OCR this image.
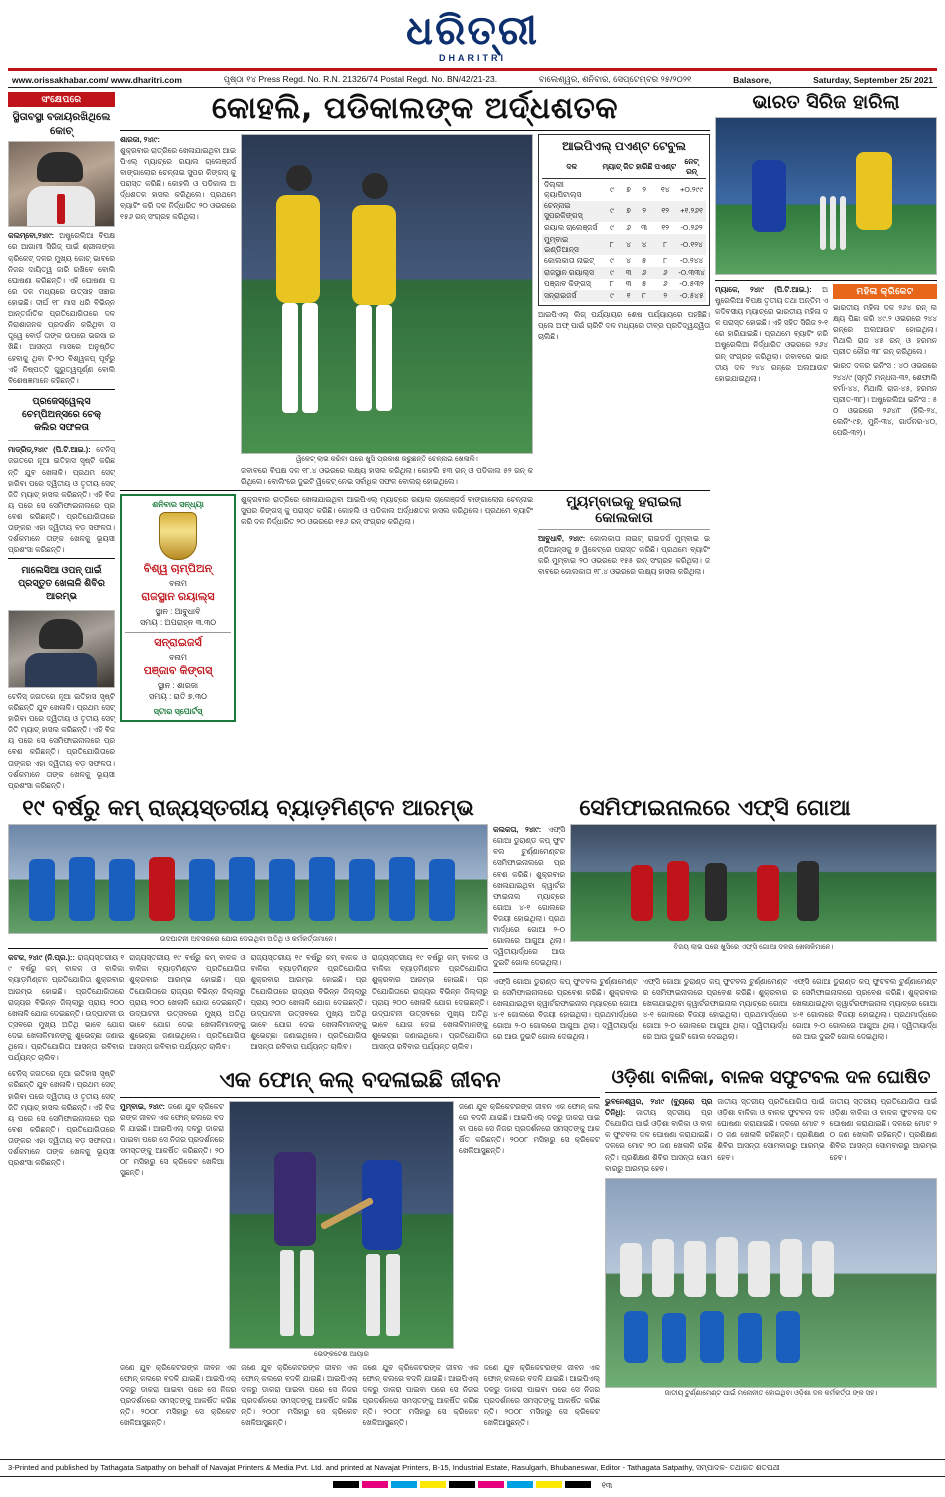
ଧରିତ୍ରୀ
DHARITRI
www.orissakhabar.com/ www.dharitri.com	ପୃଷ୍ଠା ୧୪ Press Regd. No. R.N. 21326/74 Postal Regd. No. BN/42/21-23.	ବାଲେଶ୍ୱର, ଶନିବାର, ସେପ୍ଟେମ୍ବର ୨୫/୨୦୨୧	Balasore,	Saturday, September 25/ 2021
ସଂକ୍ଷେପରେ
ସ୍ଥିତାବସ୍ଥା ବଜାୟରଖିଥିଲେ କୋଚ୍
କଲମ୍ବୋ,୨୪ା୯: ଅଷ୍ଟ୍ରେଲିଆ ବିପକ୍ଷରେ ଆଗାମୀ ସିରିଜ୍ ପାଇଁ ଶ୍ରୀଲଙ୍କା କ୍ରିକେଟ୍ ଦଳର ମୁଖ୍ୟ କୋଚ୍ ଭାବରେ ନିଜର ଦାୟିତ୍ୱ ଜାରି ରଖିବେ ବୋଲି ଘୋଷଣା କରିଛନ୍ତି। ଏହି ଘୋଷଣା ପରେ ଦଳ ମଧ୍ୟରେ ଉତ୍ସାହ ସଞ୍ଚାର ହୋଇଛି। ଦୀର୍ଘ ୧୮ ମାସ ଧରି ବିଭିନ୍ନ ଆନ୍ତର୍ଜାତିକ ପ୍ରତିଯୋଗିତାରେ ଦଳ ନିରାଶାଜନକ ପ୍ରଦର୍ଶନ କରିଥିବା ସତ୍ତ୍ୱେ ବୋର୍ଡ଼ ତାଙ୍କ ଉପରେ ଭରସା ରଖିଛି। ଆସନ୍ତା ମାସରେ ଅନୁଷ୍ଠିତ ହେବାକୁ ଥିବା ଟି-୨୦ ବିଶ୍ୱକପ୍ ପୂର୍ବରୁ ଏହି ନିଷ୍ପତ୍ତି ଗୁରୁତ୍ୱପୂର୍ଣ୍ଣ ବୋଲି ବିଶେଷଜ୍ଞମାନେ କହିଛନ୍ତି।
ପ୍ରଜେସ୍ୱେଲ୍ସ ଚେମ୍ପିଅନ୍ସରେ ଚେକ୍ କଲିର ସଫଳତା
ମାଡ୍ରିଡ୍,୨୪ା୯ (ପି.ଟି.ଆଇ.): ଟେନିସ୍ ଜଗତରେ ନୂଆ ଇତିହାସ ସୃଷ୍ଟି କରିଛନ୍ତି ଯୁବ ଖେଳାଳି। ପ୍ରଥମ ସେଟ୍ ହାରିବା ପରେ ଦ୍ୱିତୀୟ ଓ ତୃତୀୟ ସେଟ୍ ଜିତି ମ୍ୟାଚ୍ ହାସଲ କରିଛନ୍ତି। ଏହି ବିଜୟ ପରେ ସେ ସେମିଫାଇନାଲରେ ପ୍ରବେଶ କରିଛନ୍ତି। ପ୍ରତିଯୋଗିତାରେ ତାଙ୍କର ଏହା ଦ୍ୱିତୀୟ ବଡ଼ ସଫଳତା। ଦର୍ଶକମାନେ ତାଙ୍କ ଖେଳକୁ ଭୂୟସୀ ପ୍ରଶଂସା କରିଛନ୍ତି।
ମାଲେସିଆ ଓପନ୍ ପାଇଁ ପ୍ରସ୍ତୁତ ଖେଳାଳି ଶିବିର ଆରମ୍ଭ
ଟେନିସ୍ ଜଗତରେ ନୂଆ ଇତିହାସ ସୃଷ୍ଟି କରିଛନ୍ତି ଯୁବ ଖେଳାଳି। ପ୍ରଥମ ସେଟ୍ ହାରିବା ପରେ ଦ୍ୱିତୀୟ ଓ ତୃତୀୟ ସେଟ୍ ଜିତି ମ୍ୟାଚ୍ ହାସଲ କରିଛନ୍ତି। ଏହି ବିଜୟ ପରେ ସେ ସେମିଫାଇନାଲରେ ପ୍ରବେଶ କରିଛନ୍ତି। ପ୍ରତିଯୋଗିତାରେ ତାଙ୍କର ଏହା ଦ୍ୱିତୀୟ ବଡ଼ ସଫଳତା। ଦର୍ଶକମାନେ ତାଙ୍କ ଖେଳକୁ ଭୂୟସୀ ପ୍ରଶଂସା କରିଛନ୍ତି।
କୋହଲି, ପଡିକାଲଙ୍କ ଅର୍ଦ୍ଧଶତକ
ଶାରଜା, ୨୪ା୯:
ଶୁକ୍ରବାର ରାତ୍ରିରେ ଖେଳାଯାଇଥିବା ଆଇପିଏଲ୍ ମ୍ୟାଚ୍‌ରେ ରୟାଲ ଚାଲେଞ୍ଜର୍ସ ବାଙ୍ଗାଲୋର ଚେନ୍ନାଇ ସୁପର କିଙ୍ଗସ୍‌ କୁ ପରାସ୍ତ କରିଛି। କୋହଲି ଓ ପଡିକାଲ ଅର୍ଦ୍ଧଶତକ ହାସଲ କରିଥିଲେ। ପ୍ରଥମେ ବ୍ୟାଟିଂ କରି ଦଳ ନିର୍ଦ୍ଧାରିତ ୨୦ ଓଭରରେ ୧୫୬ ରନ୍ ସଂଗ୍ରହ କରିଥିଲା।
ୱିକେଟ୍ ଲାଭ କରିବା ପରେ ଖୁସି ପ୍ରକାଶ କରୁଛନ୍ତି ଚେନ୍ନାଇ ଖେଳାଳି।
ଜବାବରେ ବିପକ୍ଷ ଦଳ ୧୮.୪ ଓଭରରେ ଲକ୍ଷ୍ୟ ହାସଲ କରିଥିଲା। କୋହଲି ୫୩ ରନ୍ ଓ ପଡିକାଲ ୫୨ ରନ୍ କରିଥିଲେ। ବୋଲିଂରେ ଦୁଇଟି ୱିକେଟ୍ ନେଇ ସର୍ବାଧିକ ସଫଳ ବୋଲର୍ ହୋଇଥିଲେ।
ଆଇପିଏଲ୍ ପଏଣ୍ଟ ଟେବୁଲ
ଦଳ	ମ୍ୟାଚ୍	ଜିତ	ହାରିଛି	ପଏଣ୍ଟ	ନେଟ୍ ରନ୍
ଦିଲ୍ଲୀ କ୍ୟାପିଟାଲ୍ସ	୯	୭	୨	୧୪	+୦.୨୯୯
ଚେନ୍ନାଇ ସୁପରକିଙ୍ଗସ୍	୯	୭	୨	୧୨	+୧.୨୬୧
ରୟାଲ ଚାଲେଞ୍ଜର୍ସ	୯	୬	୩	୧୨	-୦.୨୬୨
ମୁମ୍ବାଇ ଇଣ୍ଡିଆନ୍ସ	୮	୪	୪	୮	-୦.୧୨୪
କୋଲକାତା ନାଇଟ୍	୯	୪	୫	୮	-୦.୨୪୪
ରାଜସ୍ଥାନ ରୟାଲ୍ସ	୯	୩	୬	୬	-୦.୩୩୪
ପଞ୍ଜାବ କିଙ୍ଗସ୍	୮	୩	୫	୬	-୦.୫୩୨
ସନ୍‌ରାଇଜର୍ସ	୯	୧	୮	୨	-୦.୫୪୫
ଆଇପିଏଲ୍ ଲିଗ୍ ପର୍ଯ୍ୟାୟର ଶେଷ ପର୍ଯ୍ୟାୟରେ ପହଞ୍ଚିଛି। ପ୍ଲେ ଅଫ୍ ପାଇଁ ଚାରିଟି ଦଳ ମଧ୍ୟରେ ତୀବ୍ର ପ୍ରତିଦ୍ୱନ୍ଦ୍ୱିତା ଚାଲିଛି।
ଶନିବାର ସନ୍ଧ୍ୟା
ବିଶ୍ୱ ଚାମ୍ପିଅନ୍
ବନାମ
ରାଜସ୍ଥାନ ରୟାଲ୍ସ
ସ୍ଥାନ : ଆବୁଧାବି
ସମୟ : ଅପରାହ୍ନ ୩.୩୦
ସନ୍‌ରାଇଜର୍ସ
ବନାମ
ପଞ୍ଜାବ କିଙ୍ଗସ୍
ସ୍ଥାନ : ଶାରଜା
ସମୟ : ରାତି ୭.୩୦
ସ୍ଟାର ସ୍ପୋର୍ଟସ୍
ଶୁକ୍ରବାର ରାତ୍ରିରେ ଖେଳାଯାଇଥିବା ଆଇପିଏଲ୍ ମ୍ୟାଚ୍‌ରେ ରୟାଲ ଚାଲେଞ୍ଜର୍ସ ବାଙ୍ଗାଲୋର ଚେନ୍ନାଇ ସୁପର କିଙ୍ଗସ୍‌ କୁ ପରାସ୍ତ କରିଛି। କୋହଲି ଓ ପଡିକାଲ ଅର୍ଦ୍ଧଶତକ ହାସଲ କରିଥିଲେ। ପ୍ରଥମେ ବ୍ୟାଟିଂ କରି ଦଳ ନିର୍ଦ୍ଧାରିତ ୨୦ ଓଭରରେ ୧୫୬ ରନ୍ ସଂଗ୍ରହ କରିଥିଲା।
ମ୍ୟୁମ୍ବାଇକୁ ହରାଇଲା କୋଲକାତା
ଆବୁଧାବି, ୨୪ା୯: କୋଲକାତା ନାଇଟ୍ ରାଇଡର୍ସ ମୁମ୍ବାଇ ଇଣ୍ଡିଆନ୍ସକୁ ୭ ୱିକେଟ୍‌ରେ ପରାସ୍ତ କରିଛି। ପ୍ରଥମେ ବ୍ୟାଟିଂ କରି ମୁମ୍ବାଇ ୨୦ ଓଭରରେ ୧୫୫ ରନ୍ ସଂଗ୍ରହ କରିଥିଲା। ଜବାବରେ କୋଲକାତା ୧୮.୪ ଓଭରରେ ଲକ୍ଷ୍ୟ ହାସଲ କରିଥିଲା।
ଭାରତ ସିରିଜ ହାରିଲା
ମ୍ୟାକେ, ୨୪ା୯ (ପି.ଟି.ଆଇ.): ଅଷ୍ଟ୍ରେଲିଆ ବିପକ୍ଷ ତୃତୀୟ ତଥା ଅନ୍ତିମ ଏକଦିବସୀୟ ମ୍ୟାଚ୍‌ରେ ଭାରତୀୟ ମହିଳା ଦଳ ପରାସ୍ତ ହୋଇଛି। ଏହି ସହିତ ସିରିଜ ୨-୧ ରେ ହାରିଯାଇଛି। ପ୍ରଥମେ ବ୍ୟାଟିଂ କରି ଅଷ୍ଟ୍ରେଲିଆ ନିର୍ଦ୍ଧାରିତ ଓଭରରେ ୨୬୪ ରନ୍ ସଂଗ୍ରହ କରିଥିଲା। ଜବାବରେ ଭାରତୀୟ ଦଳ ୨୪୪ ରନ୍‌ରେ ଅଲଆଉଟ ହୋଇଯାଇଥିଲା।
ମହିଳା କ୍ରିକେଟ
ଭାରତୀୟ ମହିଳା ଦଳ ୨୬୪ ରନ୍ ଲକ୍ଷ୍ୟ ପିଛା କରି ୪୯.୨ ଓଭରରେ ୨୪୪ ରନ୍‌ରେ ଅଲଆଉଟ ହୋଇଥିଲା। ମିଥାଲି ରାଜ ୪୫ ରନ୍ ଓ ହରମନପ୍ରୀତ କୌର ୩୮ ରନ୍ କରିଥିଲେ।
ଭାରତ ଦଳର ଇନିଂସ : ୪୦ ଓଭରରେ ୨୪୪/୯ (ସ୍ମୃତି ମନ୍ଧନା-୩୨, ଶେଫାଲି ବର୍ମା-୪୪, ମିଥାଲି ରାଜ-୪୫, ହରମନପ୍ରୀତ-୩୮)। ଅଷ୍ଟ୍ରେଲିଆ ଇନିଂସ : ୫୦ ଓଭରରେ ୨୬୪/୮ (ହିଲି-୨୪, ଲେନିଂ-୯୭, ମୁନି-୩୪, ଗାର୍ଡନର-୪୦, ପେରି-୩୨)।
୧୯ ବର୍ଷରୁ କମ୍ ରାଜ୍ୟସ୍ତରୀୟ ବ୍ୟାଡ଼ମିଣ୍ଟନ ଆରମ୍ଭ
ଉଦଘାଟନୀ ଅବସରରେ ଯୋଗ ଦେଇଥିବା ଅତିଥି ଓ କର୍ମକର୍ତ୍ତାମାନେ।
କଟକ, ୨୪ା୯ (ନି.ପ୍ର.):: ରାଜ୍ୟସ୍ତରୀୟ ୧୯ ବର୍ଷରୁ କମ୍ ବାଳକ ଓ ବାଳିକା ବ୍ୟାଡ଼ମିଣ୍ଟନ ପ୍ରତିଯୋଗିତା ଶୁକ୍ରବାର ଆରମ୍ଭ ହୋଇଛି। ପ୍ରତିଯୋଗିତାରେ ରାଜ୍ୟର ବିଭିନ୍ନ ଜିଲ୍ଲାରୁ ପ୍ରାୟ ୨୦୦ ଖେଳାଳି ଯୋଗ ଦେଇଛନ୍ତି। ଉଦ୍‌ଘାଟନୀ ଉତ୍ସବରେ ମୁଖ୍ୟ ଅତିଥି ଭାବେ ଯୋଗ ଦେଇ ଖେଳାଳିମାନଙ୍କୁ ଶୁଭେଚ୍ଛା ଜଣାଇଥିଲେ। ପ୍ରତିଯୋଗିତା ଆସନ୍ତା ରବିବାର ପର୍ଯ୍ୟନ୍ତ ଚାଲିବ।
ରାଜ୍ୟସ୍ତରୀୟ ୧୯ ବର୍ଷରୁ କମ୍ ବାଳକ ଓ ବାଳିକା ବ୍ୟାଡ଼ମିଣ୍ଟନ ପ୍ରତିଯୋଗିତା ଶୁକ୍ରବାର ଆରମ୍ଭ ହୋଇଛି। ପ୍ରତିଯୋଗିତାରେ ରାଜ୍ୟର ବିଭିନ୍ନ ଜିଲ୍ଲାରୁ ପ୍ରାୟ ୨୦୦ ଖେଳାଳି ଯୋଗ ଦେଇଛନ୍ତି। ଉଦ୍‌ଘାଟନୀ ଉତ୍ସବରେ ମୁଖ୍ୟ ଅତିଥି ଭାବେ ଯୋଗ ଦେଇ ଖେଳାଳିମାନଙ୍କୁ ଶୁଭେଚ୍ଛା ଜଣାଇଥିଲେ। ପ୍ରତିଯୋଗିତା ଆସନ୍ତା ରବିବାର ପର୍ଯ୍ୟନ୍ତ ଚାଲିବ।
ରାଜ୍ୟସ୍ତରୀୟ ୧୯ ବର୍ଷରୁ କମ୍ ବାଳକ ଓ ବାଳିକା ବ୍ୟାଡ଼ମିଣ୍ଟନ ପ୍ରତିଯୋଗିତା ଶୁକ୍ରବାର ଆରମ୍ଭ ହୋଇଛି। ପ୍ରତିଯୋଗିତାରେ ରାଜ୍ୟର ବିଭିନ୍ନ ଜିଲ୍ଲାରୁ ପ୍ରାୟ ୨୦୦ ଖେଳାଳି ଯୋଗ ଦେଇଛନ୍ତି। ଉଦ୍‌ଘାଟନୀ ଉତ୍ସବରେ ମୁଖ୍ୟ ଅତିଥି ଭାବେ ଯୋଗ ଦେଇ ଖେଳାଳିମାନଙ୍କୁ ଶୁଭେଚ୍ଛା ଜଣାଇଥିଲେ। ପ୍ରତିଯୋଗିତା ଆସନ୍ତା ରବିବାର ପର୍ଯ୍ୟନ୍ତ ଚାଲିବ।
ରାଜ୍ୟସ୍ତରୀୟ ୧୯ ବର୍ଷରୁ କମ୍ ବାଳକ ଓ ବାଳିକା ବ୍ୟାଡ଼ମିଣ୍ଟନ ପ୍ରତିଯୋଗିତା ଶୁକ୍ରବାର ଆରମ୍ଭ ହୋଇଛି। ପ୍ରତିଯୋଗିତାରେ ରାଜ୍ୟର ବିଭିନ୍ନ ଜିଲ୍ଲାରୁ ପ୍ରାୟ ୨୦୦ ଖେଳାଳି ଯୋଗ ଦେଇଛନ୍ତି। ଉଦ୍‌ଘାଟନୀ ଉତ୍ସବରେ ମୁଖ୍ୟ ଅତିଥି ଭାବେ ଯୋଗ ଦେଇ ଖେଳାଳିମାନଙ୍କୁ ଶୁଭେଚ୍ଛା ଜଣାଇଥିଲେ। ପ୍ରତିଯୋଗିତା ଆସନ୍ତା ରବିବାର ପର୍ଯ୍ୟନ୍ତ ଚାଲିବ।
ସେମିଫାଇନାଲରେ ଏଫ୍‌ସି ଗୋଆ
କଲକତା, ୨୪ା୯: ଏଫ୍‌ସି ଗୋଆ ଡୁରାଣ୍ଡ କପ୍ ଫୁଟବଲ ଟୁର୍ଣ୍ଣାମେଣ୍ଟର ସେମିଫାଇନାଲରେ ପ୍ରବେଶ କରିଛି। ଶୁକ୍ରବାର ଖେଳାଯାଇଥିବା କ୍ୱାର୍ଟରଫାଇନାଲ ମ୍ୟାଚ୍‌ରେ ଗୋଆ ୪-୧ ଗୋଲରେ ବିଜୟୀ ହୋଇଥିଲା। ପ୍ରଥମାର୍ଦ୍ଧରେ ଗୋଆ ୨-୦ ଗୋଲରେ ଆଗୁଆ ଥିଲା। ଦ୍ୱିତୀୟାର୍ଦ୍ଧରେ ଆଉ ଦୁଇଟି ଗୋଲ ଦେଇଥିଲା।
ବିଜୟ ଲାଭ ପରେ ଖୁସିରେ ଏଫ୍‌ସି ଗୋଆ ଦଳର ଖେଳାଳିମାନେ।
ଏଫ୍‌ସି ଗୋଆ ଡୁରାଣ୍ଡ କପ୍ ଫୁଟବଲ ଟୁର୍ଣ୍ଣାମେଣ୍ଟର ସେମିଫାଇନାଲରେ ପ୍ରବେଶ କରିଛି। ଶୁକ୍ରବାର ଖେଳାଯାଇଥିବା କ୍ୱାର୍ଟରଫାଇନାଲ ମ୍ୟାଚ୍‌ରେ ଗୋଆ ୪-୧ ଗୋଲରେ ବିଜୟୀ ହୋଇଥିଲା। ପ୍ରଥମାର୍ଦ୍ଧରେ ଗୋଆ ୨-୦ ଗୋଲରେ ଆଗୁଆ ଥିଲା। ଦ୍ୱିତୀୟାର୍ଦ୍ଧରେ ଆଉ ଦୁଇଟି ଗୋଲ ଦେଇଥିଲା।
ଏଫ୍‌ସି ଗୋଆ ଡୁରାଣ୍ଡ କପ୍ ଫୁଟବଲ ଟୁର୍ଣ୍ଣାମେଣ୍ଟର ସେମିଫାଇନାଲରେ ପ୍ରବେଶ କରିଛି। ଶୁକ୍ରବାର ଖେଳାଯାଇଥିବା କ୍ୱାର୍ଟରଫାଇନାଲ ମ୍ୟାଚ୍‌ରେ ଗୋଆ ୪-୧ ଗୋଲରେ ବିଜୟୀ ହୋଇଥିଲା। ପ୍ରଥମାର୍ଦ୍ଧରେ ଗୋଆ ୨-୦ ଗୋଲରେ ଆଗୁଆ ଥିଲା। ଦ୍ୱିତୀୟାର୍ଦ୍ଧରେ ଆଉ ଦୁଇଟି ଗୋଲ ଦେଇଥିଲା।
ଏଫ୍‌ସି ଗୋଆ ଡୁରାଣ୍ଡ କପ୍ ଫୁଟବଲ ଟୁର୍ଣ୍ଣାମେଣ୍ଟର ସେମିଫାଇନାଲରେ ପ୍ରବେଶ କରିଛି। ଶୁକ୍ରବାର ଖେଳାଯାଇଥିବା କ୍ୱାର୍ଟରଫାଇନାଲ ମ୍ୟାଚ୍‌ରେ ଗୋଆ ୪-୧ ଗୋଲରେ ବିଜୟୀ ହୋଇଥିଲା। ପ୍ରଥମାର୍ଦ୍ଧରେ ଗୋଆ ୨-୦ ଗୋଲରେ ଆଗୁଆ ଥିଲା। ଦ୍ୱିତୀୟାର୍ଦ୍ଧରେ ଆଉ ଦୁଇଟି ଗୋଲ ଦେଇଥିଲା।
ଟେନିସ୍ ଜଗତରେ ନୂଆ ଇତିହାସ ସୃଷ୍ଟି କରିଛନ୍ତି ଯୁବ ଖେଳାଳି। ପ୍ରଥମ ସେଟ୍ ହାରିବା ପରେ ଦ୍ୱିତୀୟ ଓ ତୃତୀୟ ସେଟ୍ ଜିତି ମ୍ୟାଚ୍ ହାସଲ କରିଛନ୍ତି। ଏହି ବିଜୟ ପରେ ସେ ସେମିଫାଇନାଲରେ ପ୍ରବେଶ କରିଛନ୍ତି। ପ୍ରତିଯୋଗିତାରେ ତାଙ୍କର ଏହା ଦ୍ୱିତୀୟ ବଡ଼ ସଫଳତା। ଦର୍ଶକମାନେ ତାଙ୍କ ଖେଳକୁ ଭୂୟସୀ ପ୍ରଶଂସା କରିଛନ୍ତି।
ଏକ ଫୋନ୍ କଲ୍ ବଦଳାଇଛି ଜୀବନ
ମୁମ୍ବାଇ, ୨୪ା୯: ଜଣେ ଯୁବ କ୍ରିକେଟରଙ୍କ ଜୀବନ ଏକ ଫୋନ୍ କଲରେ ବଦଳି ଯାଇଛି। ଆଇପିଏଲ୍ ଦଳରୁ ଡାକରା ପାଇବା ପରେ ସେ ନିଜର ପ୍ରଦର୍ଶନରେ ସମସ୍ତଙ୍କୁ ଆକର୍ଷିତ କରିଛନ୍ତି। ୨୦୦୮ ମସିହାରୁ ସେ କ୍ରିକେଟ ଖେଳିଆସୁଛନ୍ତି।
ଭେଙ୍କଟେଶ ଆୟାର
ଜଣେ ଯୁବ କ୍ରିକେଟରଙ୍କ ଜୀବନ ଏକ ଫୋନ୍ କଲରେ ବଦଳି ଯାଇଛି। ଆଇପିଏଲ୍ ଦଳରୁ ଡାକରା ପାଇବା ପରେ ସେ ନିଜର ପ୍ରଦର୍ଶନରେ ସମସ୍ତଙ୍କୁ ଆକର୍ଷିତ କରିଛନ୍ତି। ୨୦୦୮ ମସିହାରୁ ସେ କ୍ରିକେଟ ଖେଳିଆସୁଛନ୍ତି।
ଜଣେ ଯୁବ କ୍ରିକେଟରଙ୍କ ଜୀବନ ଏକ ଫୋନ୍ କଲରେ ବଦଳି ଯାଇଛି। ଆଇପିଏଲ୍ ଦଳରୁ ଡାକରା ପାଇବା ପରେ ସେ ନିଜର ପ୍ରଦର୍ଶନରେ ସମସ୍ତଙ୍କୁ ଆକର୍ଷିତ କରିଛନ୍ତି। ୨୦୦୮ ମସିହାରୁ ସେ କ୍ରିକେଟ ଖେଳିଆସୁଛନ୍ତି।
ଜଣେ ଯୁବ କ୍ରିକେଟରଙ୍କ ଜୀବନ ଏକ ଫୋନ୍ କଲରେ ବଦଳି ଯାଇଛି। ଆଇପିଏଲ୍ ଦଳରୁ ଡାକରା ପାଇବା ପରେ ସେ ନିଜର ପ୍ରଦର୍ଶନରେ ସମସ୍ତଙ୍କୁ ଆକର୍ଷିତ କରିଛନ୍ତି। ୨୦୦୮ ମସିହାରୁ ସେ କ୍ରିକେଟ ଖେଳିଆସୁଛନ୍ତି।
ଜଣେ ଯୁବ କ୍ରିକେଟରଙ୍କ ଜୀବନ ଏକ ଫୋନ୍ କଲରେ ବଦଳି ଯାଇଛି। ଆଇପିଏଲ୍ ଦଳରୁ ଡାକରା ପାଇବା ପରେ ସେ ନିଜର ପ୍ରଦର୍ଶନରେ ସମସ୍ତଙ୍କୁ ଆକର୍ଷିତ କରିଛନ୍ତି। ୨୦୦୮ ମସିହାରୁ ସେ କ୍ରିକେଟ ଖେଳିଆସୁଛନ୍ତି।
ଜଣେ ଯୁବ କ୍ରିକେଟରଙ୍କ ଜୀବନ ଏକ ଫୋନ୍ କଲରେ ବଦଳି ଯାଇଛି। ଆଇପିଏଲ୍ ଦଳରୁ ଡାକରା ପାଇବା ପରେ ସେ ନିଜର ପ୍ରଦର୍ଶନରେ ସମସ୍ତଙ୍କୁ ଆକର୍ଷିତ କରିଛନ୍ତି। ୨୦୦୮ ମସିହାରୁ ସେ କ୍ରିକେଟ ଖେଳିଆସୁଛନ୍ତି।
ଓଡ଼ିଶା ବାଳିକା, ବାଳକ ସଫୁଟବଲ ଦଳ ଘୋଷିତ
ଭୁବନେଶ୍ୱର, ୨୪ା୯ (ବ୍ୟୁରୋ ପ୍ରତିନିଧି): ଜାତୀୟ ସ୍ତରୀୟ ପ୍ରତିଯୋଗିତା ପାଇଁ ଓଡ଼ିଶା ବାଳିକା ଓ ବାଳକ ଫୁଟବଲ ଦଳ ଘୋଷଣା କରାଯାଇଛି। ଦଳରେ ମୋଟ ୨୦ ଜଣ ଖେଳାଳି ରହିଛନ୍ତି। ପ୍ରଶିକ୍ଷଣ ଶିବିର ଆସନ୍ତା ସୋମବାରରୁ ଆରମ୍ଭ ହେବ।
ଜାତୀୟ ସ୍ତରୀୟ ପ୍ରତିଯୋଗିତା ପାଇଁ ଓଡ଼ିଶା ବାଳିକା ଓ ବାଳକ ଫୁଟବଲ ଦଳ ଘୋଷଣା କରାଯାଇଛି। ଦଳରେ ମୋଟ ୨୦ ଜଣ ଖେଳାଳି ରହିଛନ୍ତି। ପ୍ରଶିକ୍ଷଣ ଶିବିର ଆସନ୍ତା ସୋମବାରରୁ ଆରମ୍ଭ ହେବ।
ଜାତୀୟ ସ୍ତରୀୟ ପ୍ରତିଯୋଗିତା ପାଇଁ ଓଡ଼ିଶା ବାଳିକା ଓ ବାଳକ ଫୁଟବଲ ଦଳ ଘୋଷଣା କରାଯାଇଛି। ଦଳରେ ମୋଟ ୨୦ ଜଣ ଖେଳାଳି ରହିଛନ୍ତି। ପ୍ରଶିକ୍ଷଣ ଶିବିର ଆସନ୍ତା ସୋମବାରରୁ ଆରମ୍ଭ ହେବ।
ଜାତୀୟ ଟୁର୍ଣ୍ଣାମେଣ୍ଟ ପାଇଁ ମନୋନୀତ ହୋଇଥିବା ଓଡ଼ିଶା ଦଳ କର୍ମକର୍ତ୍ତା ଙ୍କ ସହ।
3-Printed and published by Tathagata Satpathy on behalf of Navajat Printers & Media Pvt. Ltd. and printed at Navajat Printers, B-15, Industrial Estate, Rasulgarh, Bhubaneswar, Editor - Tathagata Satpathy, ସମ୍ପାଦକ- ତଥାଗତ ଶତପଥୀ
୧୩
